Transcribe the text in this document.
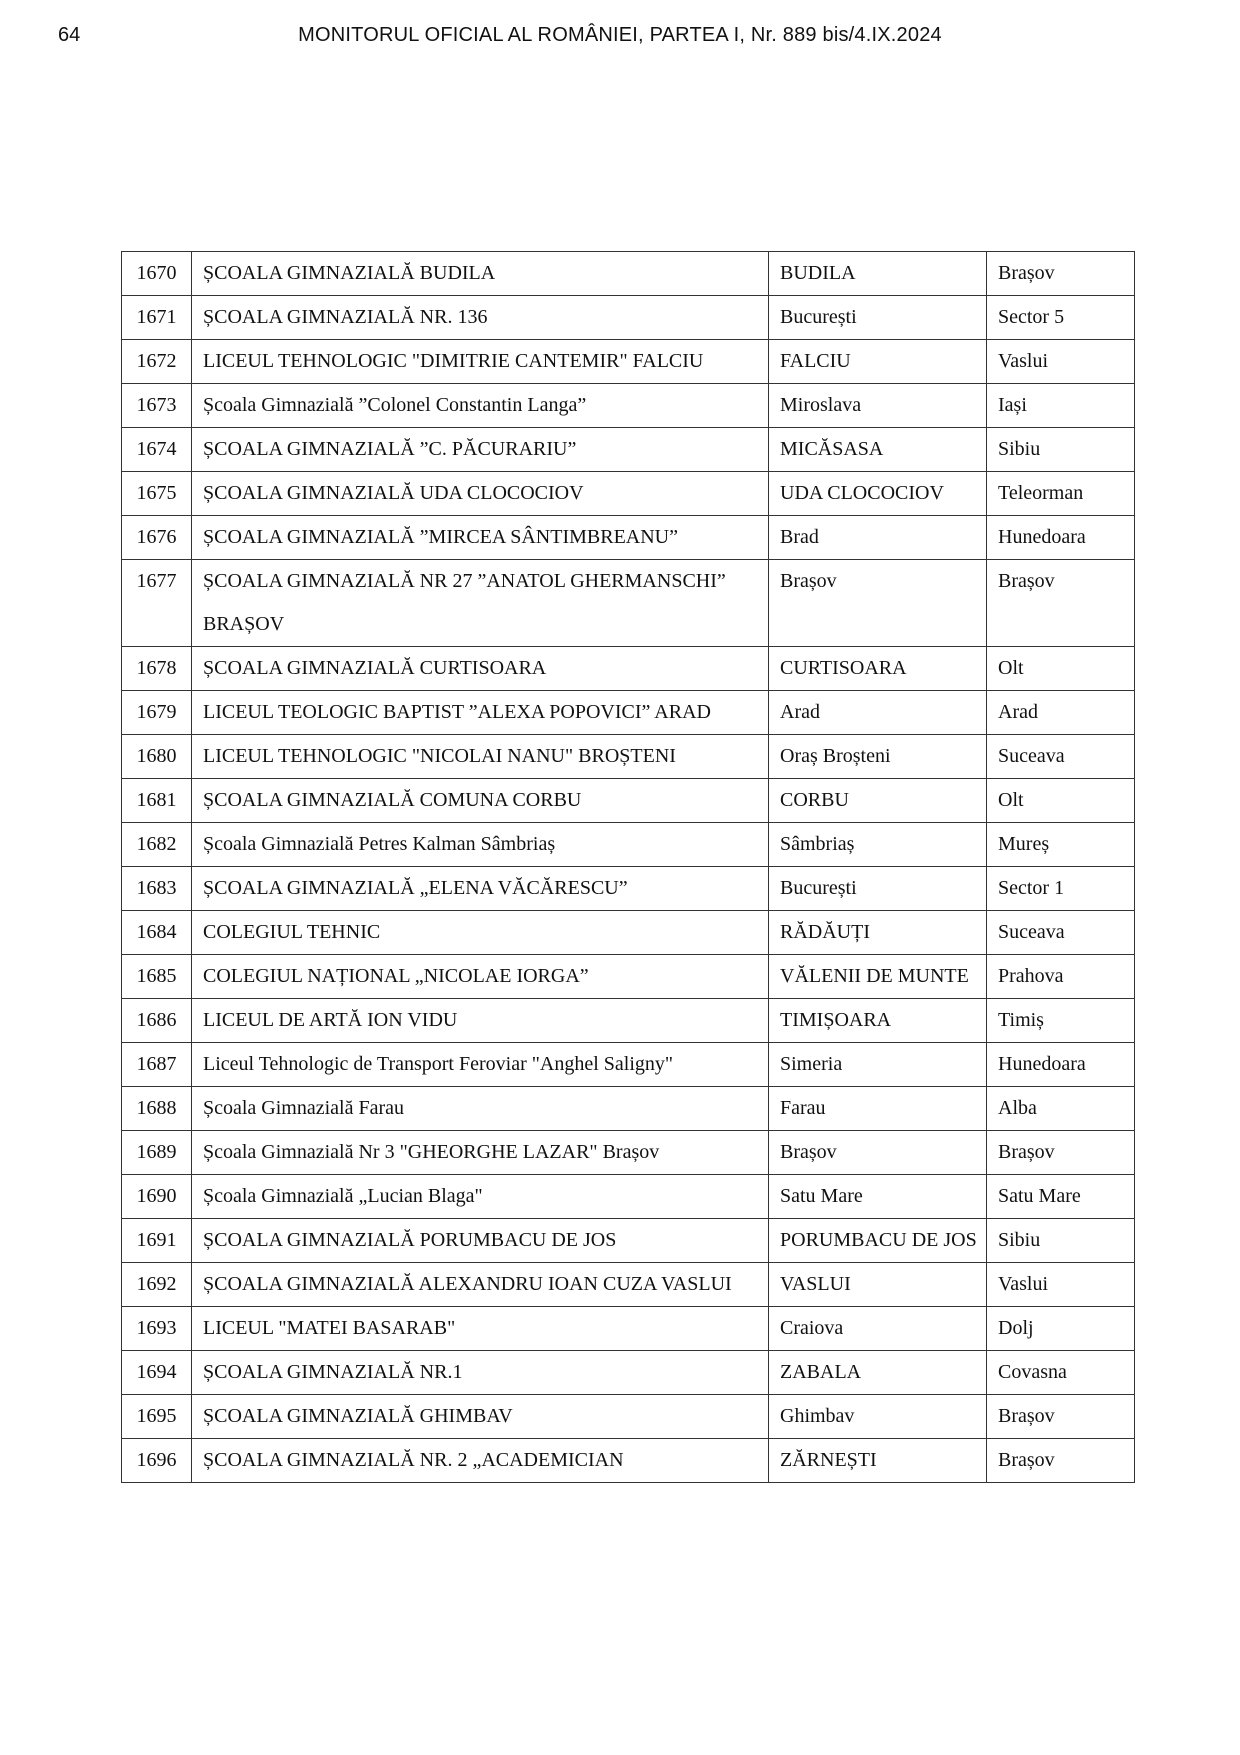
64	MONITORUL OFICIAL AL ROMÂNIEI, PARTEA I, Nr. 889 bis/4.IX.2024
1670	ȘCOALA GIMNAZIALĂ BUDILA	BUDILA	Brașov
1671	ȘCOALA GIMNAZIALĂ NR. 136	București	Sector 5
1672	LICEUL TEHNOLOGIC "DIMITRIE CANTEMIR" FALCIU	FALCIU	Vaslui
1673	Școala Gimnazială ”Colonel Constantin Langa”	Miroslava	Iași
1674	ȘCOALA GIMNAZIALĂ ”C. PĂCURARIU”	MICĂSASA	Sibiu
1675	ȘCOALA GIMNAZIALĂ UDA CLOCOCIOV	UDA CLOCOCIOV	Teleorman
1676	ȘCOALA GIMNAZIALĂ ”MIRCEA SÂNTIMBREANU”	Brad	Hunedoara
1677	ȘCOALA GIMNAZIALĂ NR 27 ”ANATOL GHERMANSCHI” BRAȘOV	Brașov	Brașov
1678	ȘCOALA GIMNAZIALĂ CURTISOARA	CURTISOARA	Olt
1679	LICEUL TEOLOGIC BAPTIST ”ALEXA POPOVICI” ARAD	Arad	Arad
1680	LICEUL TEHNOLOGIC "NICOLAI NANU" BROȘTENI	Oraș Broșteni	Suceava
1681	ȘCOALA GIMNAZIALĂ COMUNA CORBU	CORBU	Olt
1682	Școala Gimnazială Petres Kalman Sâmbriaș	Sâmbriaș	Mureș
1683	ȘCOALA GIMNAZIALĂ „ELENA VĂCĂRESCU”	București	Sector 1
1684	COLEGIUL TEHNIC	RĂDĂUȚI	Suceava
1685	COLEGIUL NAȚIONAL „NICOLAE IORGA”	VĂLENII DE MUNTE	Prahova
1686	LICEUL DE ARTĂ ION VIDU	TIMIȘOARA	Timiș
1687	Liceul Tehnologic de Transport Feroviar "Anghel Saligny"	Simeria	Hunedoara
1688	Școala Gimnazială Farau	Farau	Alba
1689	Școala Gimnazială Nr 3 "GHEORGHE LAZAR" Brașov	Brașov	Brașov
1690	Școala Gimnazială „Lucian Blaga"	Satu Mare	Satu Mare
1691	ȘCOALA GIMNAZIALĂ PORUMBACU DE JOS	PORUMBACU DE JOS	Sibiu
1692	ȘCOALA GIMNAZIALĂ ALEXANDRU IOAN CUZA VASLUI	VASLUI	Vaslui
1693	LICEUL "MATEI BASARAB"	Craiova	Dolj
1694	ȘCOALA GIMNAZIALĂ NR.1	ZABALA	Covasna
1695	ȘCOALA GIMNAZIALĂ GHIMBAV	Ghimbav	Brașov
1696	ȘCOALA GIMNAZIALĂ NR. 2 „ACADEMICIAN	ZĂRNEȘTI	Brașov
